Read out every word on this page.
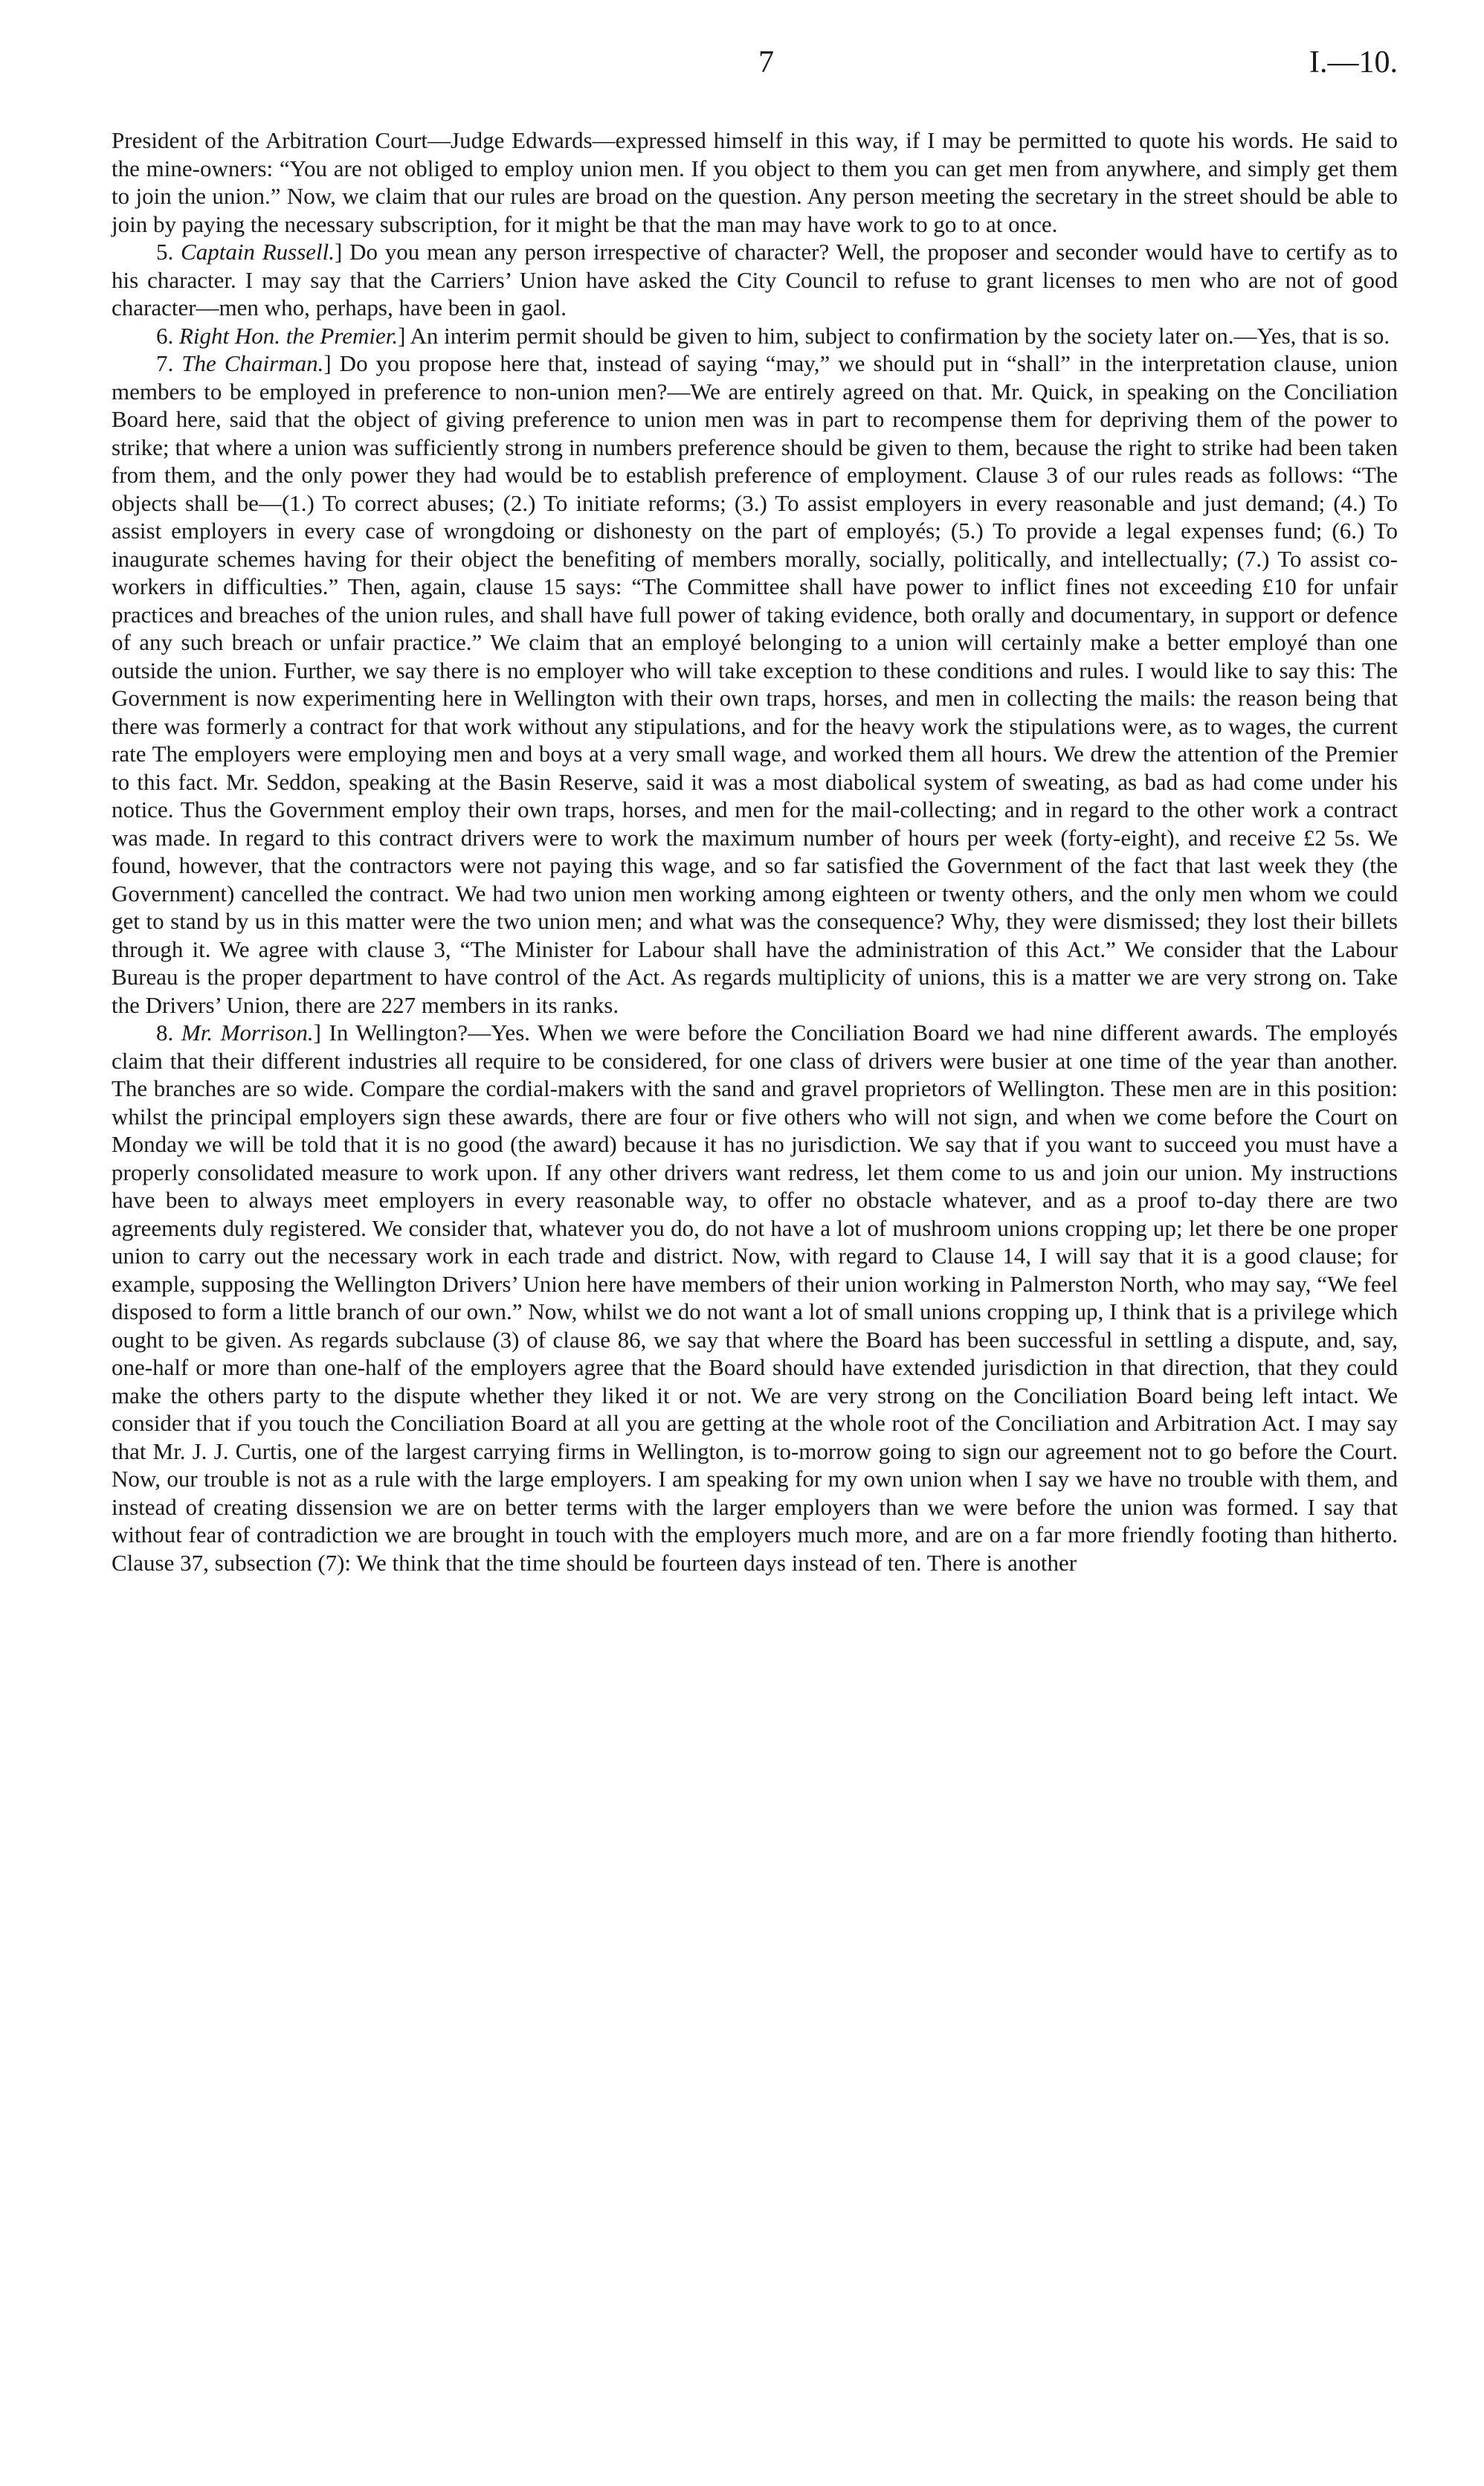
7	I.—10.

President of the Arbitration Court—Judge Edwards—expressed himself in this way, if I may be permitted to quote his words. He said to the mine-owners: “You are not obliged to employ union men. If you object to them you can get men from anywhere, and simply get them to join the union.” Now, we claim that our rules are broad on the question. Any person meeting the secretary in the street should be able to join by paying the necessary subscription, for it might be that the man may have work to go to at once.

5. Captain Russell.] Do you mean any person irrespective of character? Well, the proposer and seconder would have to certify as to his character. I may say that the Carriers’ Union have asked the City Council to refuse to grant licenses to men who are not of good character—men who, perhaps, have been in gaol.

6. Right Hon. the Premier.] An interim permit should be given to him, subject to confirmation by the society later on.—Yes, that is so.

7. The Chairman.] Do you propose here that, instead of saying “may,” we should put in “shall” in the interpretation clause, union members to be employed in preference to non-union men?—We are entirely agreed on that. Mr. Quick, in speaking on the Conciliation Board here, said that the object of giving preference to union men was in part to recompense them for depriving them of the power to strike; that where a union was sufficiently strong in numbers preference should be given to them, because the right to strike had been taken from them, and the only power they had would be to establish preference of employment. Clause 3 of our rules reads as follows: “The objects shall be—(1.) To correct abuses; (2.) To initiate reforms; (3.) To assist employers in every reasonable and just demand; (4.) To assist employers in every case of wrongdoing or dishonesty on the part of employés; (5.) To provide a legal expenses fund; (6.) To inaugurate schemes having for their object the benefiting of members morally, socially, politically, and intellectually; (7.) To assist co-workers in difficulties.” Then, again, clause 15 says: “The Committee shall have power to inflict fines not exceeding £10 for unfair practices and breaches of the union rules, and shall have full power of taking evidence, both orally and documentary, in support or defence of any such breach or unfair practice.” We claim that an employé belonging to a union will certainly make a better employé than one outside the union. Further, we say there is no employer who will take exception to these conditions and rules. I would like to say this: The Government is now experimenting here in Wellington with their own traps, horses, and men in collecting the mails: the reason being that there was formerly a contract for that work without any stipulations, and for the heavy work the stipulations were, as to wages, the current rate The employers were employing men and boys at a very small wage, and worked them all hours. We drew the attention of the Premier to this fact. Mr. Seddon, speaking at the Basin Reserve, said it was a most diabolical system of sweating, as bad as had come under his notice. Thus the Government employ their own traps, horses, and men for the mail-collecting; and in regard to the other work a contract was made. In regard to this contract drivers were to work the maximum number of hours per week (forty-eight), and receive £2 5s. We found, however, that the contractors were not paying this wage, and so far satisfied the Government of the fact that last week they (the Government) cancelled the contract. We had two union men working among eighteen or twenty others, and the only men whom we could get to stand by us in this matter were the two union men; and what was the consequence? Why, they were dismissed; they lost their billets through it. We agree with clause 3, “The Minister for Labour shall have the administration of this Act.” We consider that the Labour Bureau is the proper department to have control of the Act. As regards multiplicity of unions, this is a matter we are very strong on. Take the Drivers’ Union, there are 227 members in its ranks.

8. Mr. Morrison.] In Wellington?—Yes. When we were before the Conciliation Board we had nine different awards. The employés claim that their different industries all require to be considered, for one class of drivers were busier at one time of the year than another. The branches are so wide. Compare the cordial-makers with the sand and gravel proprietors of Wellington. These men are in this position: whilst the principal employers sign these awards, there are four or five others who will not sign, and when we come before the Court on Monday we will be told that it is no good (the award) because it has no jurisdiction. We say that if you want to succeed you must have a properly consolidated measure to work upon. If any other drivers want redress, let them come to us and join our union. My instructions have been to always meet employers in every reasonable way, to offer no obstacle whatever, and as a proof to-day there are two agreements duly registered. We consider that, whatever you do, do not have a lot of mushroom unions cropping up; let there be one proper union to carry out the necessary work in each trade and district. Now, with regard to Clause 14, I will say that it is a good clause; for example, supposing the Wellington Drivers’ Union here have members of their union working in Palmerston North, who may say, “We feel disposed to form a little branch of our own.” Now, whilst we do not want a lot of small unions cropping up, I think that is a privilege which ought to be given. As regards subclause (3) of clause 86, we say that where the Board has been successful in settling a dispute, and, say, one-half or more than one-half of the employers agree that the Board should have extended jurisdiction in that direction, that they could make the others party to the dispute whether they liked it or not. We are very strong on the Conciliation Board being left intact. We consider that if you touch the Conciliation Board at all you are getting at the whole root of the Conciliation and Arbitration Act. I may say that Mr. J. J. Curtis, one of the largest carrying firms in Wellington, is to-morrow going to sign our agreement not to go before the Court. Now, our trouble is not as a rule with the large employers. I am speaking for my own union when I say we have no trouble with them, and instead of creating dissension we are on better terms with the larger employers than we were before the union was formed. I say that without fear of contradiction we are brought in touch with the employers much more, and are on a far more friendly footing than hitherto. Clause 37, subsection (7): We think that the time should be fourteen days instead of ten. There is another
